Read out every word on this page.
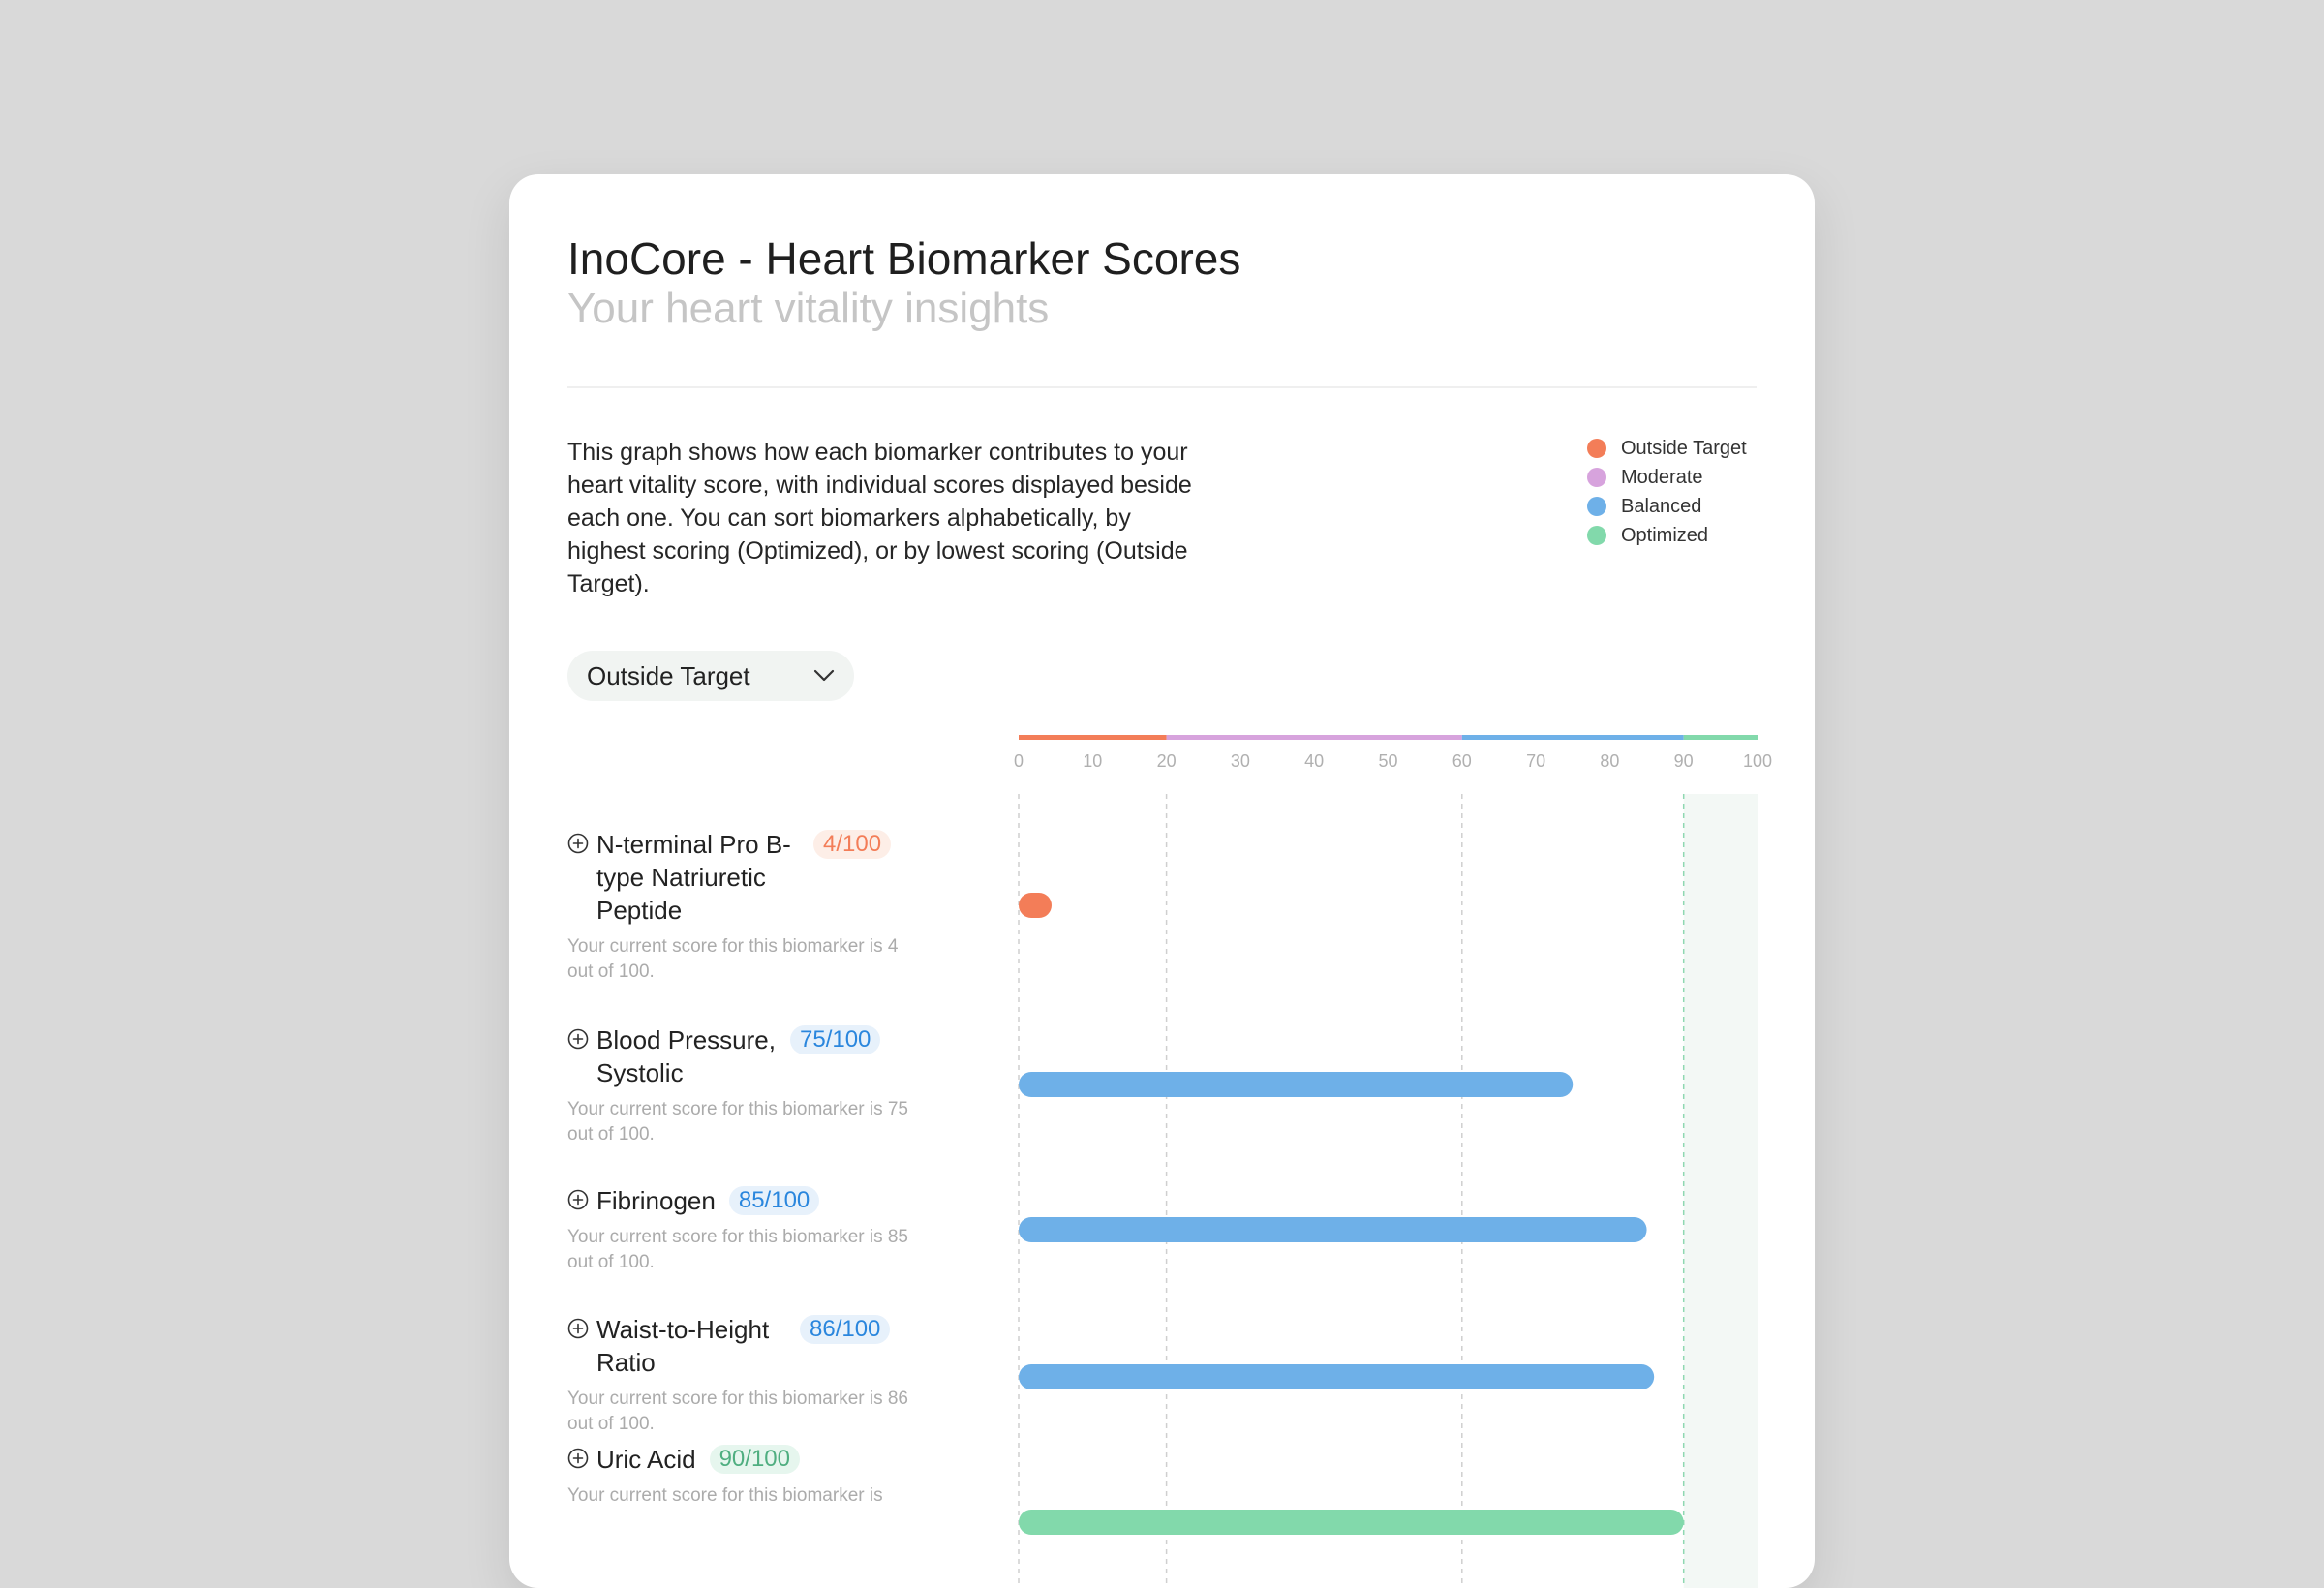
InoCore - Heart Biomarker Scores
Your heart vitality insights
This graph shows how each biomarker contributes to your heart vitality score, with individual scores displayed beside each one. You can sort biomarkers alphabetically, by highest scoring (Optimized), or by lowest scoring (Outside Target).
Outside Target
Moderate
Balanced
Optimized
Outside Target
0	10	20	30	40	50	60	70	80	90	100
N-terminal Pro B-type Natriuretic Peptide
4/100
Your current score for this biomarker is 4 out of 100.
Blood Pressure, Systolic
75/100
Your current score for this biomarker is 75 out of 100.
Fibrinogen	85/100
Your current score for this biomarker is 85 out of 100.
Waist-to-Height Ratio
86/100
Your current score for this biomarker is 86 out of 100.
Uric Acid	90/100
Your current score for this biomarker is
